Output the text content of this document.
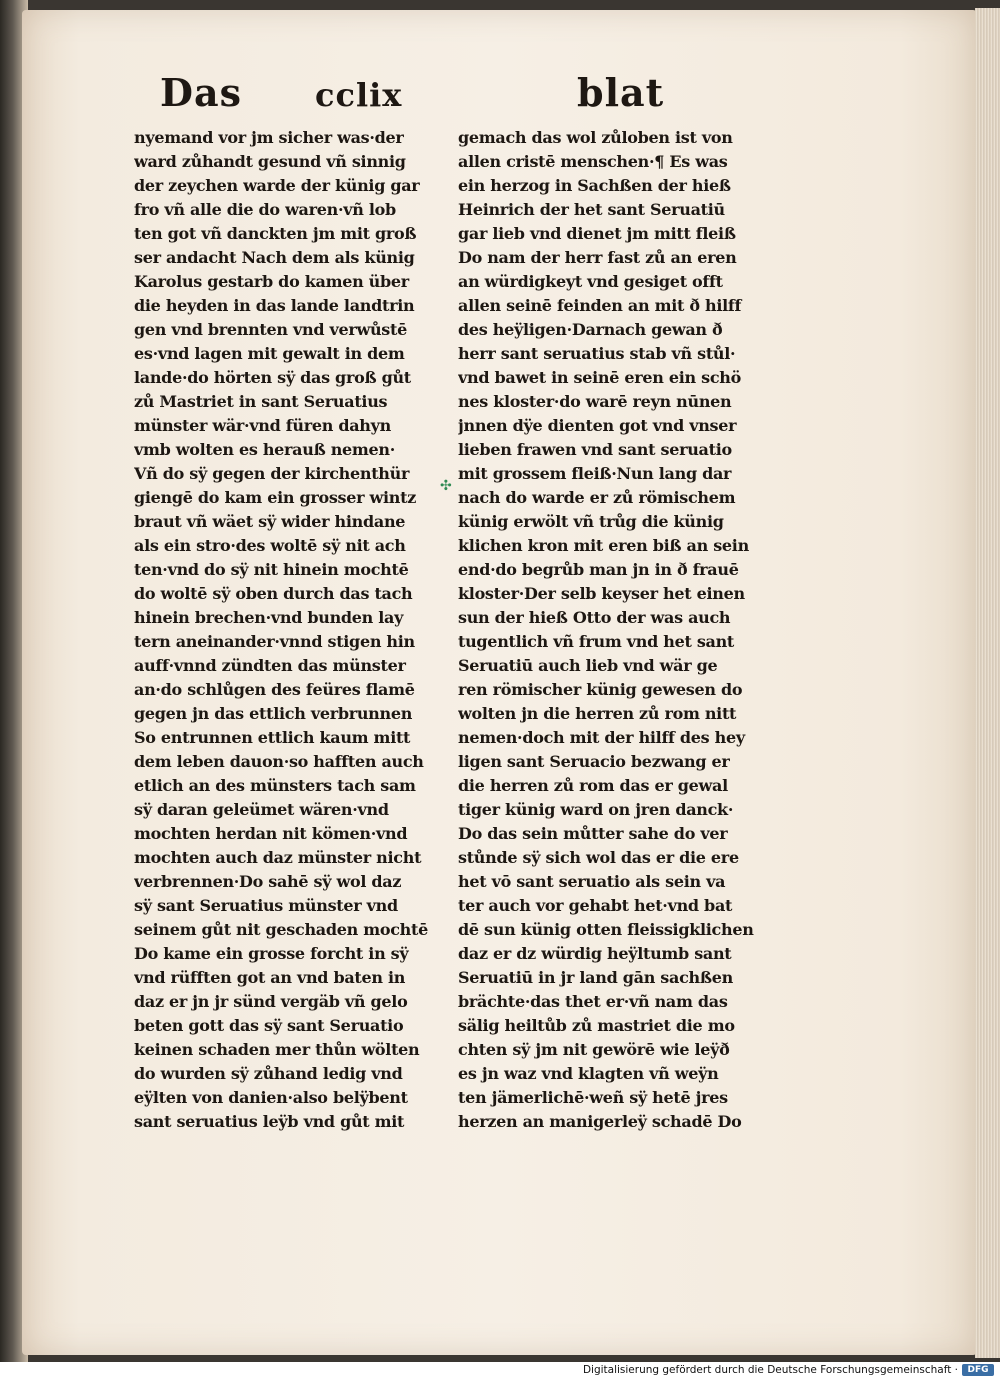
Das cclix	blat
nyemand vor jm sicher was·der
ward zůhandt gesund vñ sinnig
der zeychen warde der künig gar
fro vñ alle die do waren·vñ lob
ten got vñ danckten jm mit groß
ser andacht Nach dem als künig
Karolus gestarb do kamen über
die heyden in das lande landtrin
gen vnd brennten vnd verwůstē
es·vnd lagen mit gewalt in dem
lande·do hörten sÿ das groß gůt
zů Mastriet in sant Seruatius
münster wär·vnd füren dahyn
vmb wolten es herauß nemen·
Vñ do sÿ gegen der kirchenthür
giengē do kam ein grosser wintz
braut vñ wäet sÿ wider hindane
als ein stro·des woltē sÿ nit ach
ten·vnd do sÿ nit hinein mochtē
do woltē sÿ oben durch das tach
hinein brechen·vnd bunden lay
tern aneinander·vnnd stigen hin
auff·vnnd zündten das münster
an·do schlůgen des feüres flamē
gegen jn das ettlich verbrunnen
So entrunnen ettlich kaum mitt
dem leben dauon·so hafften auch
etlich an des münsters tach sam
sÿ daran geleümet wären·vnd
mochten herdan nit kömen·vnd
mochten auch daz münster nicht
verbrennen·Do sahē sÿ wol daz
sÿ sant Seruatius münster vnd
seinem gůt nit geschaden mochtē
Do kame ein grosse forcht in sÿ
vnd rüfften got an vnd baten in
daz er jn jr sünd vergäb vñ gelo
beten gott das sÿ sant Seruatio
keinen schaden mer thůn wölten
do wurden sÿ zůhand ledig vnd
eÿlten von danien·also belÿbent
sant seruatius leÿb vnd gůt mit
gemach das wol zůloben ist von
allen cristē menschen·¶ Es was
ein herzog in Sachßen der hieß
Heinrich der het sant Seruatiū
gar lieb vnd dienet jm mitt fleiß
Do nam der herr fast zů an eren
an würdigkeyt vnd gesiget offt
allen seinē feinden an mit ð hilff
des heÿligen·Darnach gewan ð
herr sant seruatius stab vñ stůl·
vnd bawet in seinē eren ein schö
nes kloster·do warē reyn nūnen
jnnen dÿe dienten got vnd vnser
lieben frawen vnd sant seruatio
mit grossem fleiß·Nun lang dar
nach do warde er zů römischem
künig erwölt vñ trůg die künig
klichen kron mit eren biß an sein
end·do begrůb man jn in ð frauē
kloster·Der selb keyser het einen
sun der hieß Otto der was auch
tugentlich vñ frum vnd het sant
Seruatiū auch lieb vnd wär ge
ren römischer künig gewesen do
wolten jn die herren zů rom nitt
nemen·doch mit der hilff des hey
ligen sant Seruacio bezwang er
die herren zů rom das er gewal
tiger künig ward on jren danck·
Do das sein můtter sahe do ver
stůnde sÿ sich wol das er die ere
het vō sant seruatio als sein va
ter auch vor gehabt het·vnd bat
dē sun künig otten fleissigklichen
daz er dz würdig heÿltumb sant
Seruatiū in jr land gān sachßen
brächte·das thet er·vñ nam das
sälig heiltůb zů mastriet die mo
chten sÿ jm nit gewörē wie leÿð
es jn waz vnd klagten vñ weÿn
ten jämerlichē·weñ sÿ hetē jres
herzen an manigerleÿ schadē Do
✣
Digitalisierung gefördert durch die Deutsche Forschungsgemeinschaft ·	DFG
